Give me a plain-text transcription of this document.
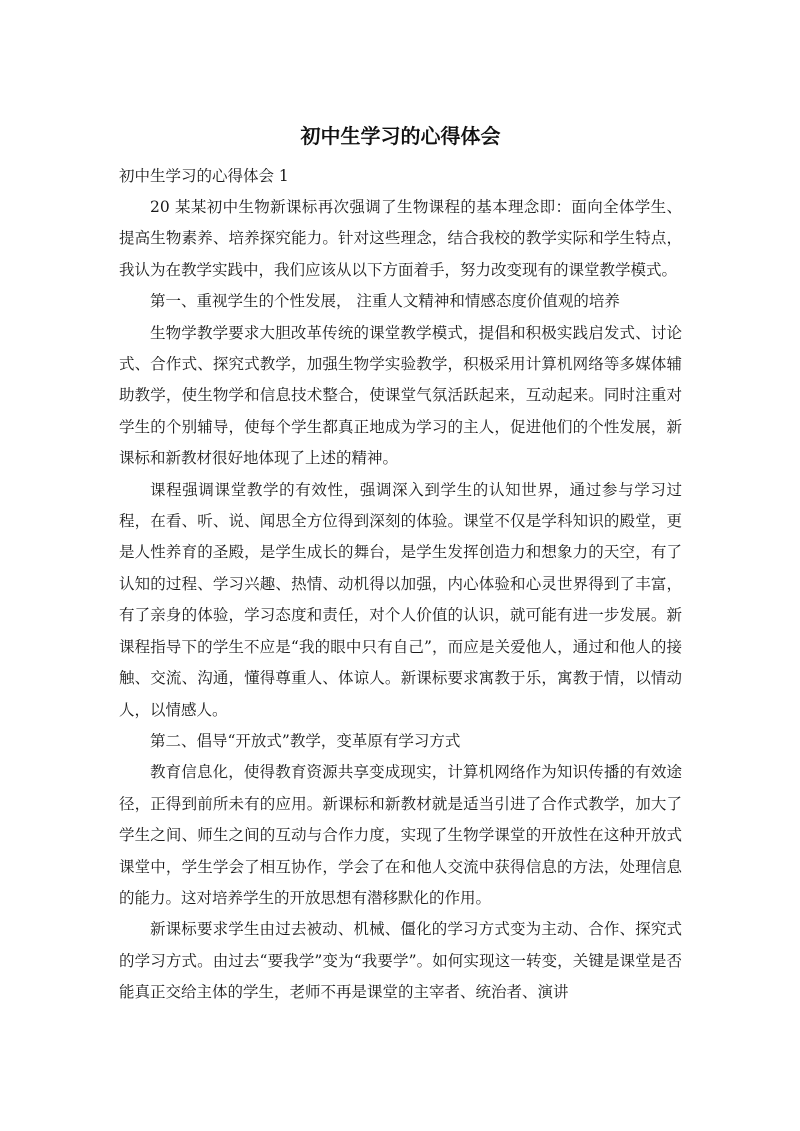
初中生学习的心得体会

初中生学习的心得体会 1

20 某某初中生物新课标再次强调了生物课程的基本理念即：面向全体学生、提高生物素养、培养探究能力。针对这些理念，结合我校的教学实际和学生特点，我认为在教学实践中，我们应该从以下方面着手，努力改变现有的课堂教学模式。

第一、重视学生的个性发展， 注重人文精神和情感态度价值观的培养

生物学教学要求大胆改革传统的课堂教学模式，提倡和积极实践启发式、讨论式、合作式、探究式教学，加强生物学实验教学，积极采用计算机网络等多媒体辅助教学，使生物学和信息技术整合，使课堂气氛活跃起来，互动起来。同时注重对学生的个别辅导，使每个学生都真正地成为学习的主人，促进他们的个性发展，新课标和新教材很好地体现了上述的精神。

课程强调课堂教学的有效性，强调深入到学生的认知世界，通过参与学习过程，在看、听、说、闻思全方位得到深刻的体验。课堂不仅是学科知识的殿堂，更是人性养育的圣殿，是学生成长的舞台，是学生发挥创造力和想象力的天空，有了认知的过程、学习兴趣、热情、动机得以加强，内心体验和心灵世界得到了丰富，有了亲身的体验，学习态度和责任，对个人价值的认识，就可能有进一步发展。新课程指导下的学生不应是“我的眼中只有自己”，而应是关爱他人，通过和他人的接触、交流、沟通，懂得尊重人、体谅人。新课标要求寓教于乐，寓教于情，以情动人，以情感人。

第二、倡导“开放式”教学，变革原有学习方式

教育信息化，使得教育资源共享变成现实，计算机网络作为知识传播的有效途径，正得到前所未有的应用。新课标和新教材就是适当引进了合作式教学，加大了学生之间、师生之间的互动与合作力度，实现了生物学课堂的开放性在这种开放式课堂中，学生学会了相互协作，学会了在和他人交流中获得信息的方法，处理信息的能力。这对培养学生的开放思想有潜移默化的作用。

新课标要求学生由过去被动、机械、僵化的学习方式变为主动、合作、探究式的学习方式。由过去“要我学”变为“我要学”。如何实现这一转变，关键是课堂是否能真正交给主体的学生，老师不再是课堂的主宰者、统治者、演讲
